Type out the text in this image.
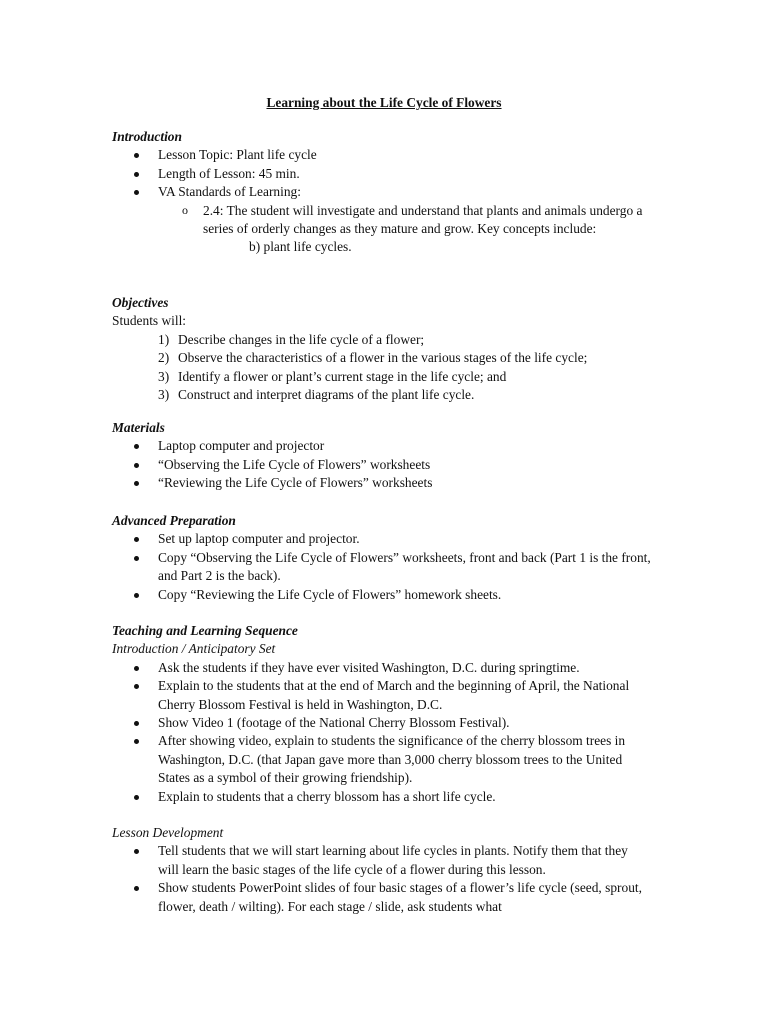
Learning about the Life Cycle of Flowers

Introduction

Lesson Topic: Plant life cycle
Length of Lesson: 45 min.
VA Standards of Learning:
o 2.4: The student will investigate and understand that plants and animals undergo a series of orderly changes as they mature and grow. Key concepts include:
b) plant life cycles.

Objectives

Students will:

1) Describe changes in the life cycle of a flower;
2) Observe the characteristics of a flower in the various stages of the life cycle;
3) Identify a flower or plant’s current stage in the life cycle; and
3) Construct and interpret diagrams of the plant life cycle.

Materials

Laptop computer and projector
“Observing the Life Cycle of Flowers” worksheets
“Reviewing the Life Cycle of Flowers” worksheets

Advanced Preparation

Set up laptop computer and projector.
Copy “Observing the Life Cycle of Flowers” worksheets, front and back (Part 1 is the front, and Part 2 is the back).
Copy “Reviewing the Life Cycle of Flowers” homework sheets.

Teaching and Learning Sequence

Introduction / Anticipatory Set

Ask the students if they have ever visited Washington, D.C. during springtime.
Explain to the students that at the end of March and the beginning of April, the National Cherry Blossom Festival is held in Washington, D.C.
Show Video 1 (footage of the National Cherry Blossom Festival).
After showing video, explain to students the significance of the cherry blossom trees in Washington, D.C. (that Japan gave more than 3,000 cherry blossom trees to the United States as a symbol of their growing friendship).
Explain to students that a cherry blossom has a short life cycle.

Lesson Development

Tell students that we will start learning about life cycles in plants. Notify them that they will learn the basic stages of the life cycle of a flower during this lesson.
Show students PowerPoint slides of four basic stages of a flower’s life cycle (seed, sprout, flower, death / wilting). For each stage / slide, ask students what
